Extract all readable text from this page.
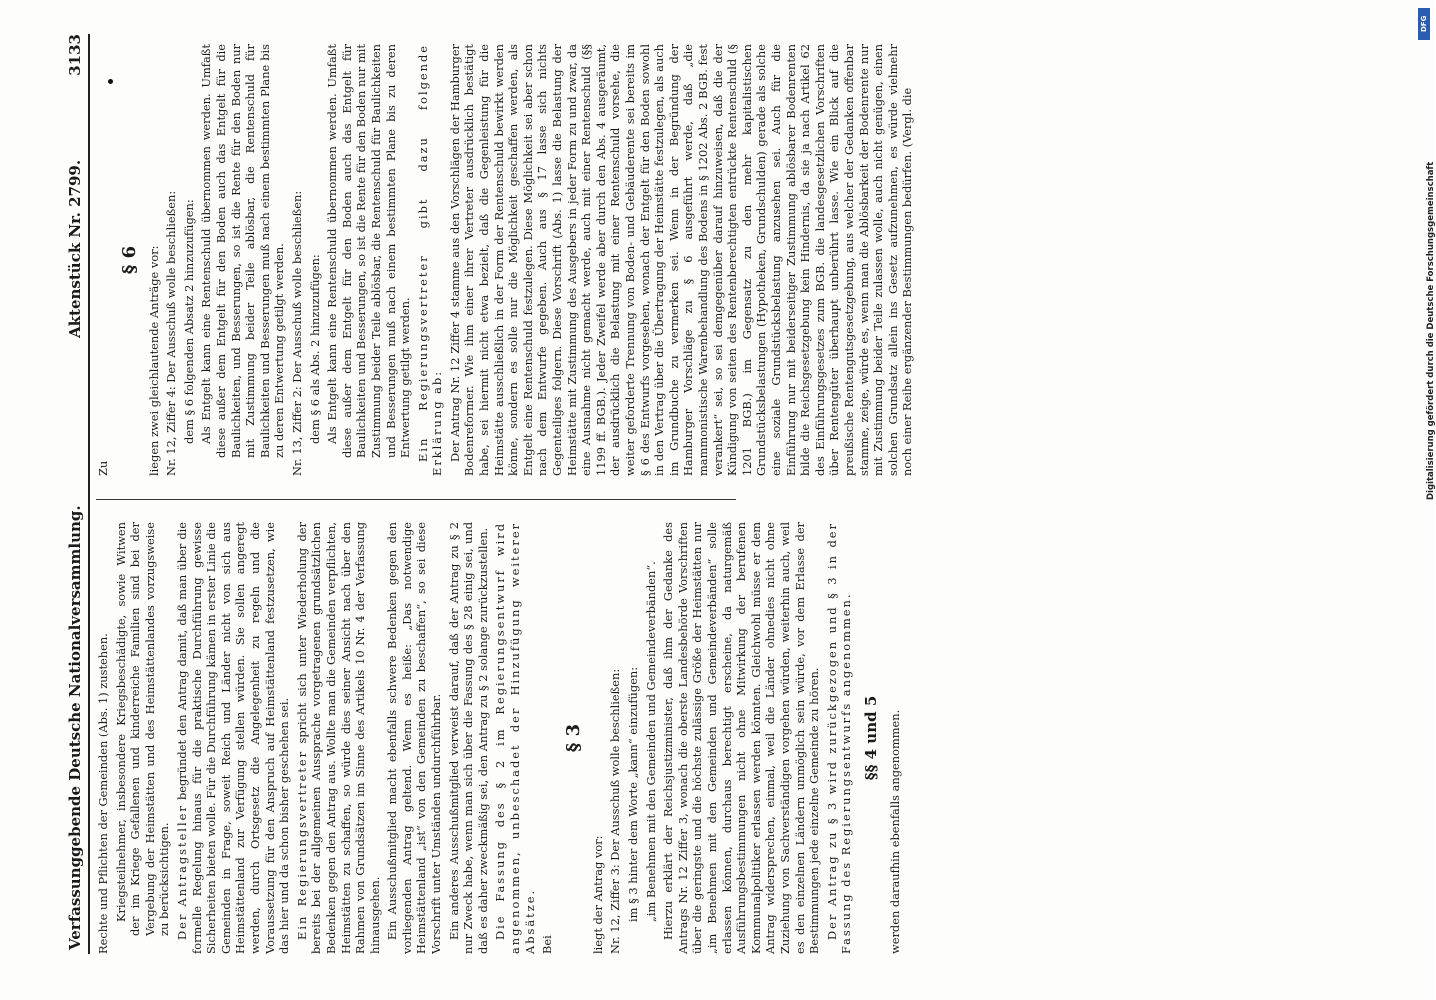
Verfassunggebende Deutsche Nationalversammlung.
Aktenstück Nr. 2799.
3133

Rechte und Pflichten der Gemeinden (Abs. 1) zustehen. Kriegsteilnehmer, insbesondere Kriegsbeschädigte, sowie Witwen der im Kriege Gefallenen und kinderreiche Familien sind bei der Vergebung der Heimstätten und des Heimstättenlandes vorzugsweise zu berücksichtigen. Der Antragsteller begründet den Antrag damit, daß man über die formelle Regelung hinaus für die praktische Durchführung gewisse Sicherheiten bieten wolle. Für die Durchführung kämen in erster Linie die Gemeinden in Frage, soweit Reich und Länder nicht von sich aus Heimstättenland zur Verfügung stellen würden. Sie sollen angeregt werden, durch Ortsgesetz die Angelegenheit zu regeln und die Voraussetzung für den Anspruch auf Heimstättenland festzusetzen, wie das hier und da schon bisher geschehen sei. Ein Regierungsvertreter spricht sich unter Wiederholung der bereits bei der allgemeinen Aussprache vorgetragenen grundsätzlichen Bedenken gegen den Antrag aus. Wollte man die Gemeinden verpflichten, Heimstätten zu schaffen, so würde dies seiner Ansicht nach über den Rahmen von Grundsätzen im Sinne des Artikels 10 Nr. 4 der Verfassung hinausgehen. Ein Ausschußmitglied macht ebenfalls schwere Bedenken gegen den vorliegenden Antrag geltend. Wenn es heiße: „Das notwendige Heimstättenland „ist“ von den Gemeinden zu beschaffen“, so sei diese Vorschrift unter Umständen undurchführbar. Ein anderes Ausschußmitglied verweist darauf, daß der Antrag zu § 2 nur Zweck habe, wenn man sich über die Fassung des § 28 einig sei, und daß es daher zweckmäßig sei, den Antrag zu § 2 solange zurückzustellen. Die Fassung des § 2 im Regierungsentwurf wird angenommen, unbeschadet der Hinzufügung weiterer Absätze. Bei

§ 3

liegt der Antrag vor: Nr. 12, Ziffer 3: Der Ausschuß wolle beschließen: im § 3 hinter dem Worte „kann“ einzufügen: „im Benehmen mit den Gemeinden und Gemeindeverbänden“. Hierzu erklärt der Reichsjustizminister, daß ihm der Gedanke des Antrags Nr. 12 Ziffer 3, wonach die oberste Landesbehörde Vorschriften über die geringste und die höchste zulässige Größe der Heimstätten nur „im Benehmen mit den Gemeinden und Gemeindeverbänden“ solle erlassen können, durchaus berechtigt erscheine, da naturgemäß Ausführungsbestimmungen nicht ohne Mitwirkung der berufenen Kommunalpolitiker erlassen werden könnten. Gleichwohl müsse er dem Antrag widersprechen, einmal, weil die Länder ohnedies nicht ohne Zuziehung von Sachverständigen vorgehen würden, weiterhin auch, weil es den einzelnen Ländern unmöglich sein würde, vor dem Erlasse der Bestimmungen jede einzelne Gemeinde zu hören. Der Antrag zu § 3 wird zurückgezogen und § 3 in der Fassung des Regierungsentwurfs angenommen. §§ 4 und 5 werden daraufhin ebenfalls angenommen.

Zu

§ 6 liegen zwei gleichlautende Anträge vor: Nr. 12, Ziffer 4: Der Ausschuß wolle beschließen: dem § 6 folgenden Absatz 2 hinzuzufügen: Als Entgelt kann eine Rentenschuld übernommen werden. Umfaßt diese außer dem Entgelt für den Boden auch das Entgelt für die Baulichkeiten, und Besserungen, so ist die Rente für den Boden nur mit Zustimmung beider Teile ablösbar, die Rentenschuld für Baulichkeiten und Besserungen muß nach einem bestimmten Plane bis zu deren Entwertung getilgt werden. Nr. 13, Ziffer 2: Der Ausschuß wolle beschließen: dem § 6 als Abs. 2 hinzuzufügen: Als Entgelt kann eine Rentenschuld übernommen werden. Umfaßt diese außer dem Entgelt für den Boden auch das Entgelt für Baulichkeiten und Besserungen, so ist die Rente für den Boden nur mit Zustimmung beider Teile ablösbar, die Rentenschuld für Baulichkeiten und Besserungen muß nach einem bestimmten Plane bis zu deren Entwertung getilgt werden. Ein Regierungsvertreter gibt dazu folgende Erklärung ab: Der Antrag Nr. 12 Ziffer 4 stamme aus den Vorschlägen der Hamburger Bodenreformer. Wie ihm einer ihrer Vertreter ausdrücklich bestätigt habe, sei hiermit nicht etwa bezielt, daß die Gegenleistung für die Heimstätte ausschließlich in der Form der Rentenschuld bewirkt werden könne, sondern es solle nur die Möglichkeit geschaffen werden, als Entgelt eine Rentenschuld festzulegen. Diese Möglichkeit sei aber schon nach dem Entwurfe gegeben. Auch aus § 17 lasse sich nichts Gegenteiliges folgern. Diese Vorschrift (Abs. 1) lasse die Belastung der Heimstätte mit Zustimmung des Ausgebers in jeder Form zu und zwar, da eine Ausnahme nicht gemacht werde, auch mit einer Rentenschuld (§§ 1199 ff. BGB.). Jeder Zweifel werde aber durch den Abs. 4 ausgeräumt, der ausdrücklich die Belastung mit einer Rentenschuld vorsehe, die weiter geforderte Trennung von Boden- und Gebäuderente sei bereits im § 6 des Entwurfs vorgesehen, wonach der Entgelt für den Boden sowohl in den Vertrag über die Übertragung der Heimstätte festzulegen, als auch im Grundbuche zu vermerken sei. Wenn in der Begründung der Hamburger Vorschläge zu § 6 ausgeführt werde, daß „die mammonistische Warenbehandlung des Bodens in § 1202 Abs. 2 BGB. fest verankert“ sei, so sei demgegenüber darauf hinzuweisen, daß die der Kündigung von seiten des Rentenberechtigten entrückte Rentenschuld (§ 1201 BGB.) im Gegensatz zu den mehr kapitalistischen Grundstücksbelastungen (Hypotheken, Grundschulden) gerade als solche eine soziale Grundstücksbelastung anzusehen sei. Auch für die Einführung nur mit beiderseitiger Zustimmung ablösbarer Bodenrenten bilde die Reichsgesetzgebung kein Hindernis, da sie ja nach Artikel 62 des Einführungsgesetzes zum BGB. die landesgesetzlichen Vorschriften über Rentengüter überhaupt unberührt lasse. Wie ein Blick auf die preußische Rentengutsgesetzgebung, aus welcher der Gedanken offenbar stamme, zeige, würde es, wenn man die Ablösbarkeit der Bodenrente nur mit Zustimmung beider Teile zulassen wolle, auch nicht genügen, einen solchen Grundsatz allein ins Gesetz aufzunehmen, es würde vielmehr noch einer Reihe ergänzender Bestimmungen bedürfen. (Vergl. die

DFG
Digitalisierung gefördert durch die Deutsche Forschungsgemeinschaft
